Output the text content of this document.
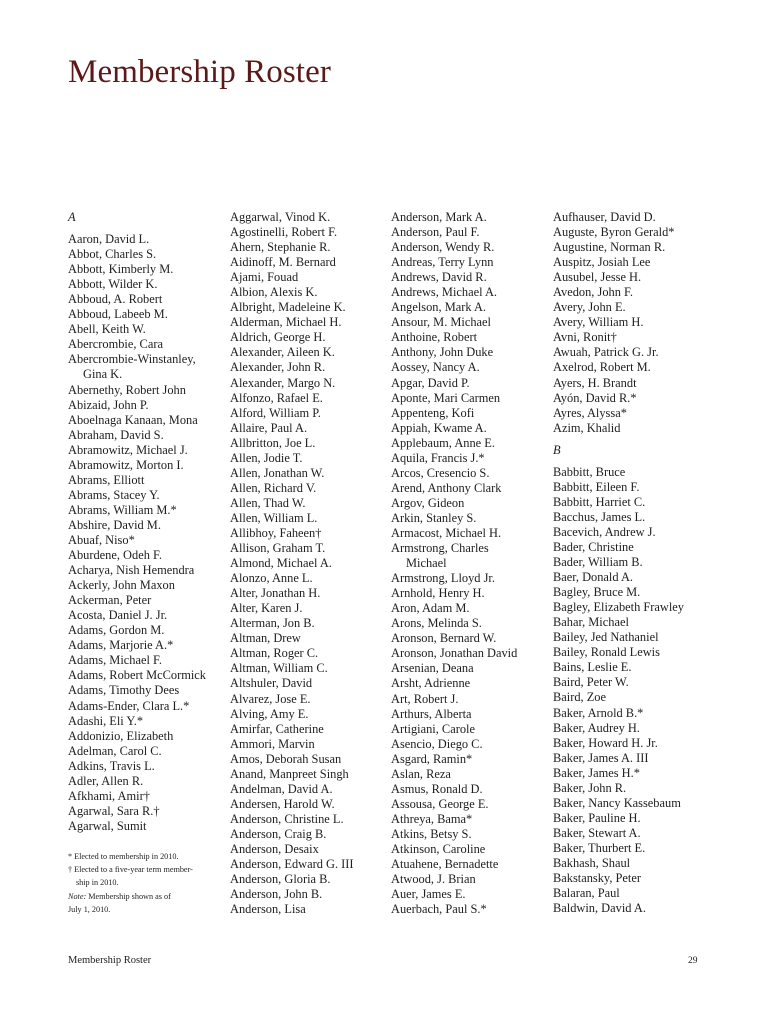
Membership Roster
A
Aaron, David L.
Abbot, Charles S.
Abbott, Kimberly M.
Abbott, Wilder K.
Abboud, A. Robert
Abboud, Labeeb M.
Abell, Keith W.
Abercrombie, Cara
Abercrombie-Winstanley,
Gina K.
Abernethy, Robert John
Abizaid, John P.
Aboelnaga Kanaan, Mona
Abraham, David S.
Abramowitz, Michael J.
Abramowitz, Morton I.
Abrams, Elliott
Abrams, Stacey Y.
Abrams, William M.*
Abshire, David M.
Abuaf, Niso*
Aburdene, Odeh F.
Acharya, Nish Hemendra
Ackerly, John Maxon
Ackerman, Peter
Acosta, Daniel J. Jr.
Adams, Gordon M.
Adams, Marjorie A.*
Adams, Michael F.
Adams, Robert McCormick
Adams, Timothy Dees
Adams-Ender, Clara L.*
Adashi, Eli Y.*
Addonizio, Elizabeth
Adelman, Carol C.
Adkins, Travis L.
Adler, Allen R.
Afkhami, Amir†
Agarwal, Sara R.†
Agarwal, Sumit
* Elected to membership in 2010.
† Elected to a five-year term member-
ship in 2010.
Note: Membership shown as of
July 1, 2010.
Aggarwal, Vinod K.
Agostinelli, Robert F.
Ahern, Stephanie R.
Aidinoff, M. Bernard
Ajami, Fouad
Albion, Alexis K.
Albright, Madeleine K.
Alderman, Michael H.
Aldrich, George H.
Alexander, Aileen K.
Alexander, John R.
Alexander, Margo N.
Alfonzo, Rafael E.
Alford, William P.
Allaire, Paul A.
Allbritton, Joe L.
Allen, Jodie T.
Allen, Jonathan W.
Allen, Richard V.
Allen, Thad W.
Allen, William L.
Allibhoy, Faheen†
Allison, Graham T.
Almond, Michael A.
Alonzo, Anne L.
Alter, Jonathan H.
Alter, Karen J.
Alterman, Jon B.
Altman, Drew
Altman, Roger C.
Altman, William C.
Altshuler, David
Alvarez, Jose E.
Alving, Amy E.
Amirfar, Catherine
Ammori, Marvin
Amos, Deborah Susan
Anand, Manpreet Singh
Andelman, David A.
Andersen, Harold W.
Anderson, Christine L.
Anderson, Craig B.
Anderson, Desaix
Anderson, Edward G. III
Anderson, Gloria B.
Anderson, John B.
Anderson, Lisa
Anderson, Mark A.
Anderson, Paul F.
Anderson, Wendy R.
Andreas, Terry Lynn
Andrews, David R.
Andrews, Michael A.
Angelson, Mark A.
Ansour, M. Michael
Anthoine, Robert
Anthony, John Duke
Aossey, Nancy A.
Apgar, David P.
Aponte, Mari Carmen
Appenteng, Kofi
Appiah, Kwame A.
Applebaum, Anne E.
Aquila, Francis J.*
Arcos, Cresencio S.
Arend, Anthony Clark
Argov, Gideon
Arkin, Stanley S.
Armacost, Michael H.
Armstrong, Charles
Michael
Armstrong, Lloyd Jr.
Arnhold, Henry H.
Aron, Adam M.
Arons, Melinda S.
Aronson, Bernard W.
Aronson, Jonathan David
Arsenian, Deana
Arsht, Adrienne
Art, Robert J.
Arthurs, Alberta
Artigiani, Carole
Asencio, Diego C.
Asgard, Ramin*
Aslan, Reza
Asmus, Ronald D.
Assousa, George E.
Athreya, Bama*
Atkins, Betsy S.
Atkinson, Caroline
Atuahene, Bernadette
Atwood, J. Brian
Auer, James E.
Auerbach, Paul S.*
Aufhauser, David D.
Auguste, Byron Gerald*
Augustine, Norman R.
Auspitz, Josiah Lee
Ausubel, Jesse H.
Avedon, John F.
Avery, John E.
Avery, William H.
Avni, Ronit†
Awuah, Patrick G. Jr.
Axelrod, Robert M.
Ayers, H. Brandt
Ayón, David R.*
Ayres, Alyssa*
Azim, Khalid
B
Babbitt, Bruce
Babbitt, Eileen F.
Babbitt, Harriet C.
Bacchus, James L.
Bacevich, Andrew J.
Bader, Christine
Bader, William B.
Baer, Donald A.
Bagley, Bruce M.
Bagley, Elizabeth Frawley
Bahar, Michael
Bailey, Jed Nathaniel
Bailey, Ronald Lewis
Bains, Leslie E.
Baird, Peter W.
Baird, Zoe
Baker, Arnold B.*
Baker, Audrey H.
Baker, Howard H. Jr.
Baker, James A. III
Baker, James H.*
Baker, John R.
Baker, Nancy Kassebaum
Baker, Pauline H.
Baker, Stewart A.
Baker, Thurbert E.
Bakhash, Shaul
Bakstansky, Peter
Balaran, Paul
Baldwin, David A.
Membership Roster	29
